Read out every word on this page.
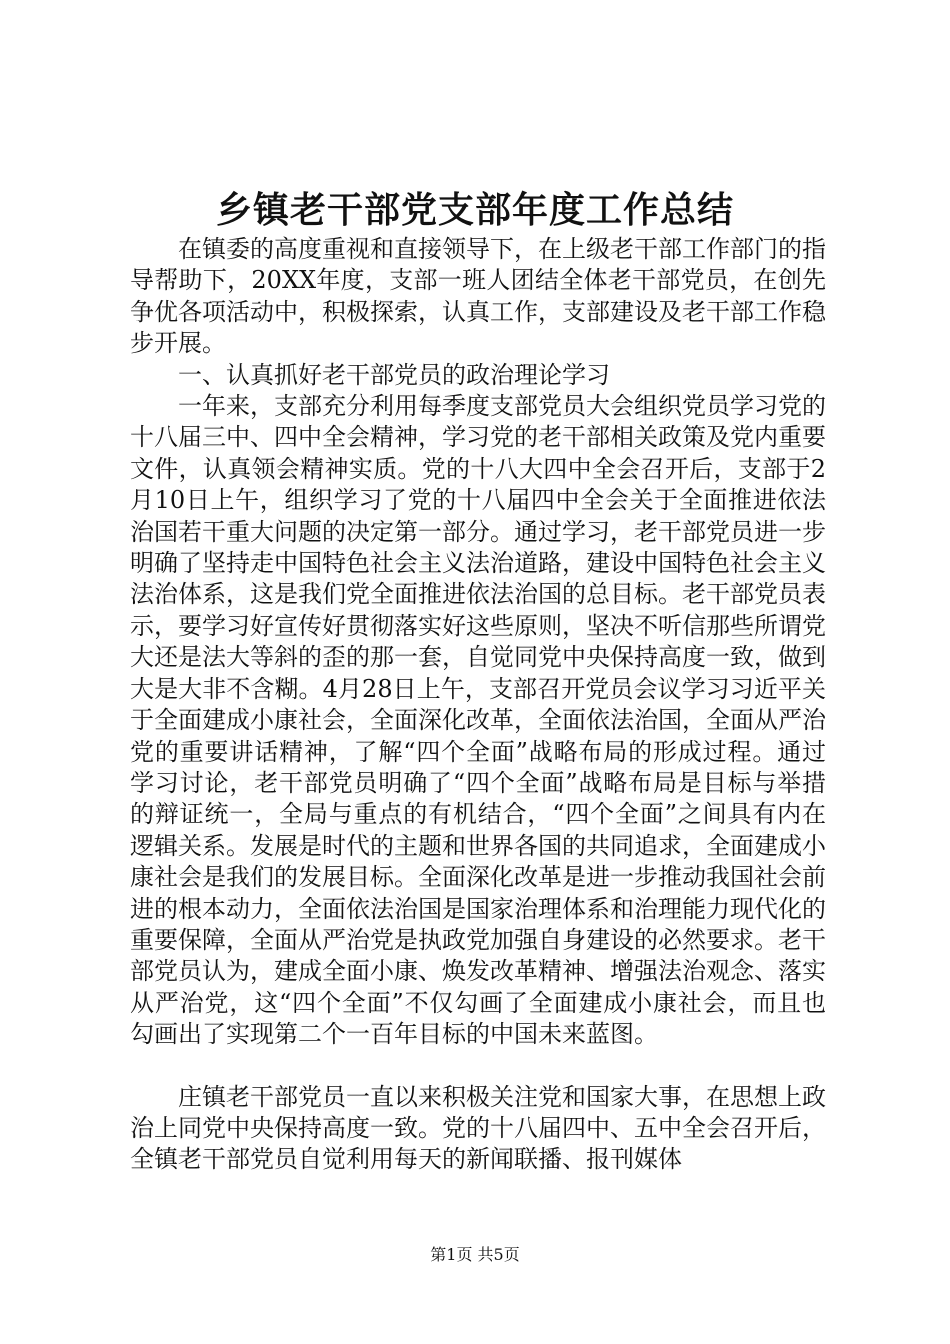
乡镇老干部党支部年度工作总结

在镇委的高度重视和直接领导下，在上级老干部工作部门的指导帮助下，20XX年度，支部一班人团结全体老干部党员，在创先争优各项活动中，积极探索，认真工作，支部建设及老干部工作稳步开展。

一、认真抓好老干部党员的政治理论学习

一年来，支部充分利用每季度支部党员大会组织党员学习党的十八届三中、四中全会精神，学习党的老干部相关政策及党内重要文件，认真领会精神实质。党的十八大四中全会召开后，支部于2月10日上午，组织学习了党的十八届四中全会关于全面推进依法治国若干重大问题的决定第一部分。通过学习，老干部党员进一步明确了坚持走中国特色社会主义法治道路，建设中国特色社会主义法治体系，这是我们党全面推进依法治国的总目标。老干部党员表示，要学习好宣传好贯彻落实好这些原则，坚决不听信那些所谓党大还是法大等斜的歪的那一套，自觉同党中央保持高度一致，做到大是大非不含糊。4月28日上午，支部召开党员会议学习习近平关于全面建成小康社会，全面深化改革，全面依法治国，全面从严治党的重要讲话精神，了解“四个全面”战略布局的形成过程。通过学习讨论，老干部党员明确了“四个全面”战略布局是目标与举措的辩证统一，全局与重点的有机结合，“四个全面”之间具有内在逻辑关系。发展是时代的主题和世界各国的共同追求，全面建成小康社会是我们的发展目标。全面深化改革是进一步推动我国社会前进的根本动力，全面依法治国是国家治理体系和治理能力现代化的重要保障，全面从严治党是执政党加强自身建设的必然要求。老干部党员认为，建成全面小康、焕发改革精神、增强法治观念、落实从严治党，这“四个全面”不仅勾画了全面建成小康社会，而且也勾画出了实现第二个一百年目标的中国未来蓝图。

庄镇老干部党员一直以来积极关注党和国家大事，在思想上政治上同党中央保持高度一致。党的十八届四中、五中全会召开后，全镇老干部党员自觉利用每天的新闻联播、报刊媒体

第1页 共5页
